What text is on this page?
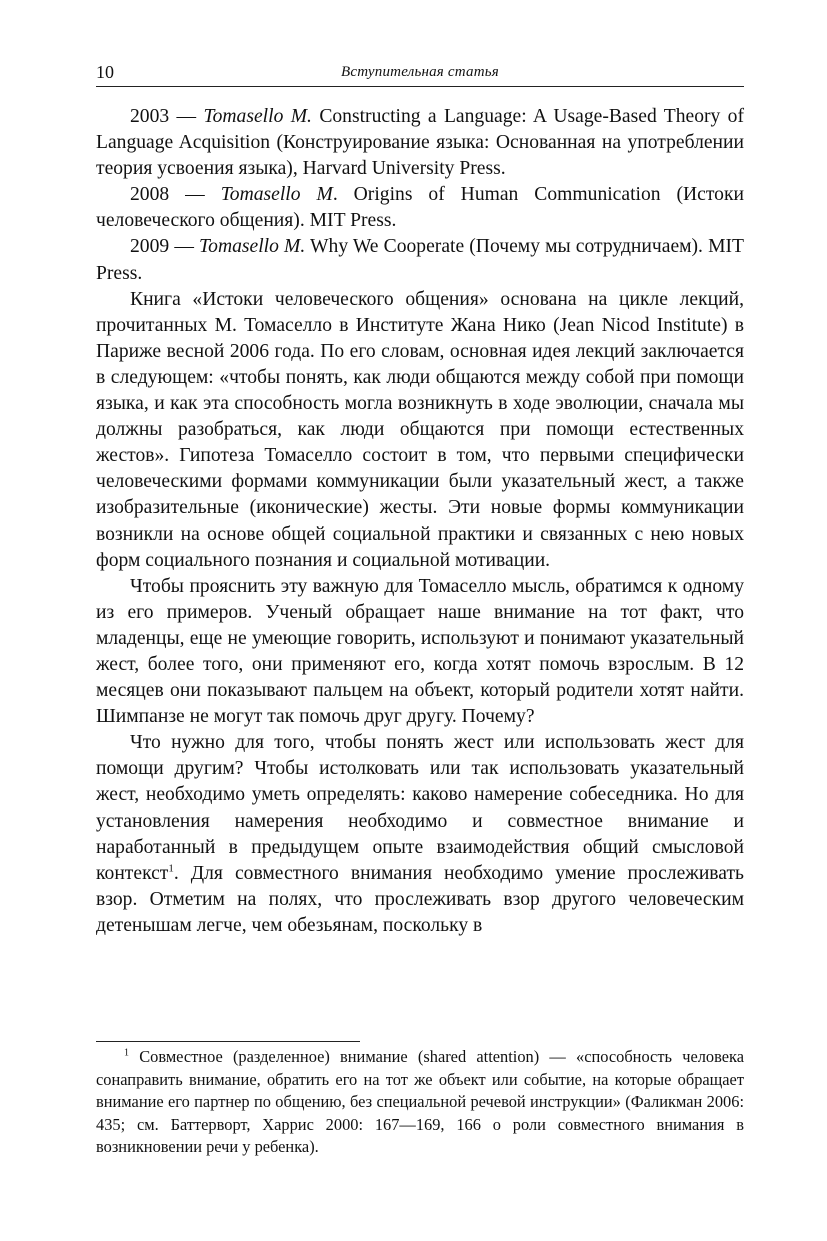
10	Вступительная статья

2003 — Tomasello M. Constructing a Language: A Usage-Based Theory of Language Acquisition (Конструирование языка: Основанная на употреблении теория усвоения языка), Harvard University Press.

2008 — Tomasello M. Origins of Human Communication (Истоки человеческого общения). MIT Press.

2009 — Tomasello M. Why We Cooperate (Почему мы сотрудничаем). MIT Press.

Книга «Истоки человеческого общения» основана на цикле лекций, прочитанных М. Томаселло в Институте Жана Нико (Jean Nicod Institute) в Париже весной 2006 года. По его словам, основная идея лекций заключается в следующем: «чтобы понять, как люди общаются между собой при помощи языка, и как эта способность могла возникнуть в ходе эволюции, сначала мы должны разобраться, как люди общаются при помощи естественных жестов». Гипотеза Томаселло состоит в том, что первыми специфически человеческими формами коммуникации были указательный жест, а также изобразительные (иконические) жесты. Эти новые формы коммуникации возникли на основе общей социальной практики и связанных с нею новых форм социального познания и социальной мотивации.

Чтобы прояснить эту важную для Томаселло мысль, обратимся к одному из его примеров. Ученый обращает наше внимание на тот факт, что младенцы, еще не умеющие говорить, используют и понимают указательный жест, более того, они применяют его, когда хотят помочь взрослым. В 12 месяцев они показывают пальцем на объект, который родители хотят найти. Шимпанзе не могут так помочь друг другу. Почему?

Что нужно для того, чтобы понять жест или использовать жест для помощи другим? Чтобы истолковать или так использовать указательный жест, необходимо уметь определять: каково намерение собеседника. Но для установления намерения необходимо и совместное внимание и наработанный в предыдущем опыте взаимодействия общий смысловой контекст$^1$. Для совместного внимания необходимо умение прослеживать взор. Отметим на полях, что прослеживать взор другого человеческим детенышам легче, чем обезьянам, поскольку в

$^1$ Совместное (разделенное) внимание (shared attention) — «способность человека сонаправить внимание, обратить его на тот же объект или событие, на которые обращает внимание его партнер по общению, без специальной речевой инструкции» (Фаликман 2006: 435; см. Баттерворт, Харрис 2000: 167—169, 166 о роли совместного внимания в возникновении речи у ребенка).
